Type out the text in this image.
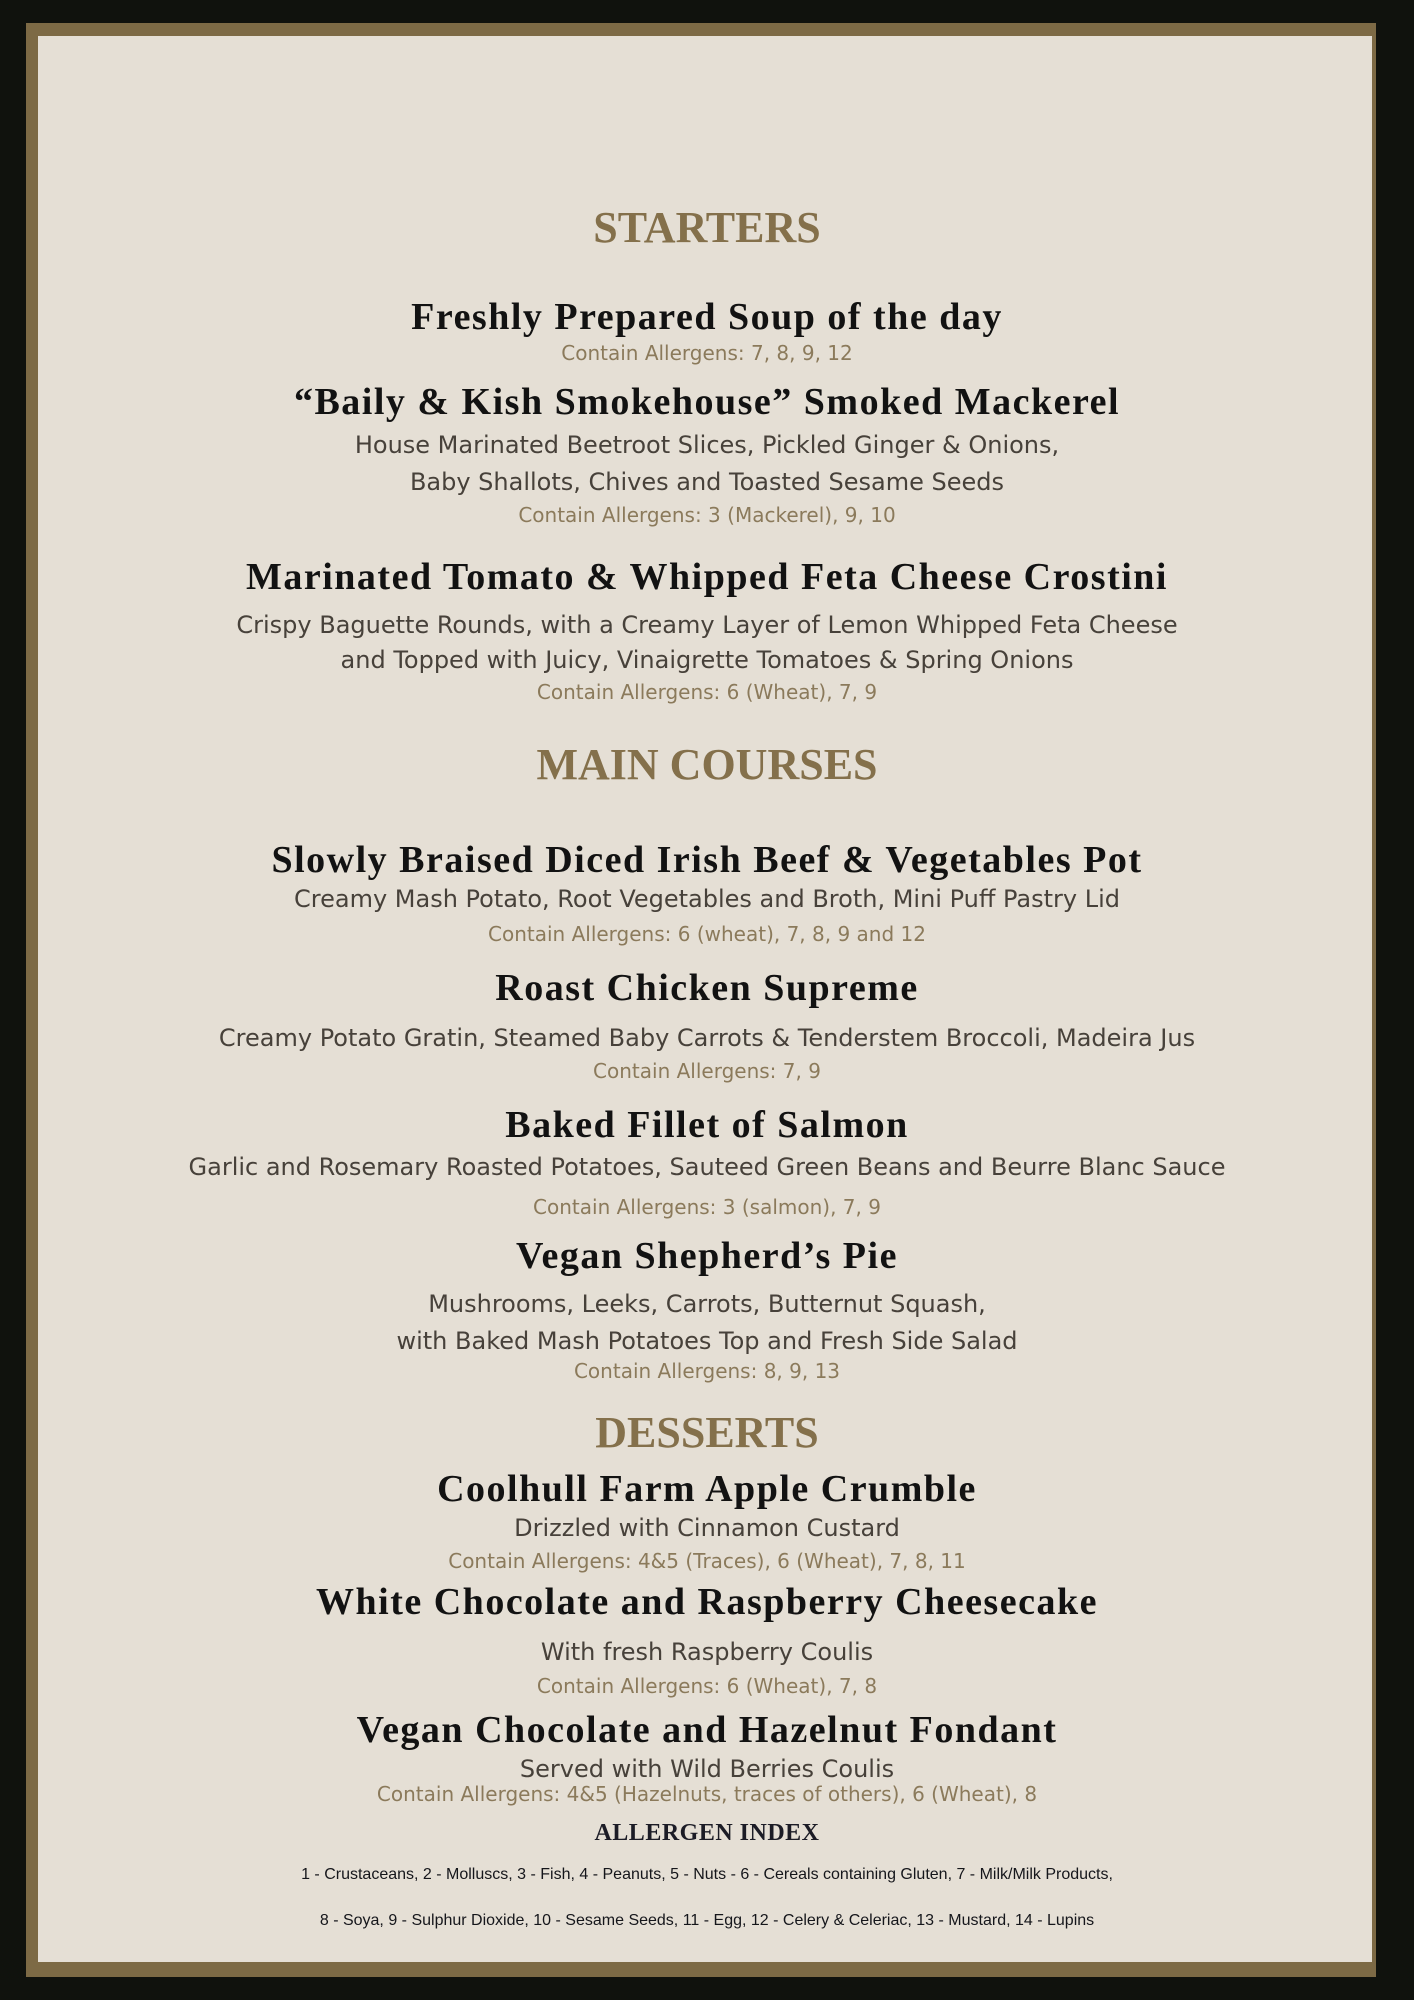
STARTERS
Freshly Prepared Soup of the day
Contain Allergens: 7, 8, 9, 12
“Baily & Kish Smokehouse” Smoked Mackerel
House Marinated Beetroot Slices, Pickled Ginger & Onions,
Baby Shallots, Chives and Toasted Sesame Seeds
Contain Allergens: 3 (Mackerel), 9, 10
Marinated Tomato & Whipped Feta Cheese Crostini
Crispy Baguette Rounds, with a Creamy Layer of Lemon Whipped Feta Cheese
and Topped with Juicy, Vinaigrette Tomatoes & Spring Onions
Contain Allergens: 6 (Wheat), 7, 9
MAIN COURSES
Slowly Braised Diced Irish Beef & Vegetables Pot
Creamy Mash Potato, Root Vegetables and Broth, Mini Puff Pastry Lid
Contain Allergens: 6 (wheat), 7, 8, 9 and 12
Roast Chicken Supreme
Creamy Potato Gratin, Steamed Baby Carrots & Tenderstem Broccoli, Madeira Jus
Contain Allergens: 7, 9
Baked Fillet of Salmon
Garlic and Rosemary Roasted Potatoes, Sauteed Green Beans and Beurre Blanc Sauce
Contain Allergens: 3 (salmon), 7, 9
Vegan Shepherd’s Pie
Mushrooms, Leeks, Carrots, Butternut Squash,
with Baked Mash Potatoes Top and Fresh Side Salad
Contain Allergens: 8, 9, 13
DESSERTS
Coolhull Farm Apple Crumble
Drizzled with Cinnamon Custard
Contain Allergens: 4&5 (Traces), 6 (Wheat), 7, 8, 11
White Chocolate and Raspberry Cheesecake
With fresh Raspberry Coulis
Contain Allergens: 6 (Wheat), 7, 8
Vegan Chocolate and Hazelnut Fondant
Served with Wild Berries Coulis
Contain Allergens: 4&5 (Hazelnuts, traces of others), 6 (Wheat), 8
ALLERGEN INDEX
1 - Crustaceans, 2 - Molluscs, 3 - Fish, 4 - Peanuts, 5 - Nuts - 6 - Cereals containing Gluten, 7 - Milk/Milk Products,
8 - Soya, 9 - Sulphur Dioxide, 10 - Sesame Seeds, 11 - Egg, 12 - Celery & Celeriac, 13 - Mustard, 14 - Lupins
